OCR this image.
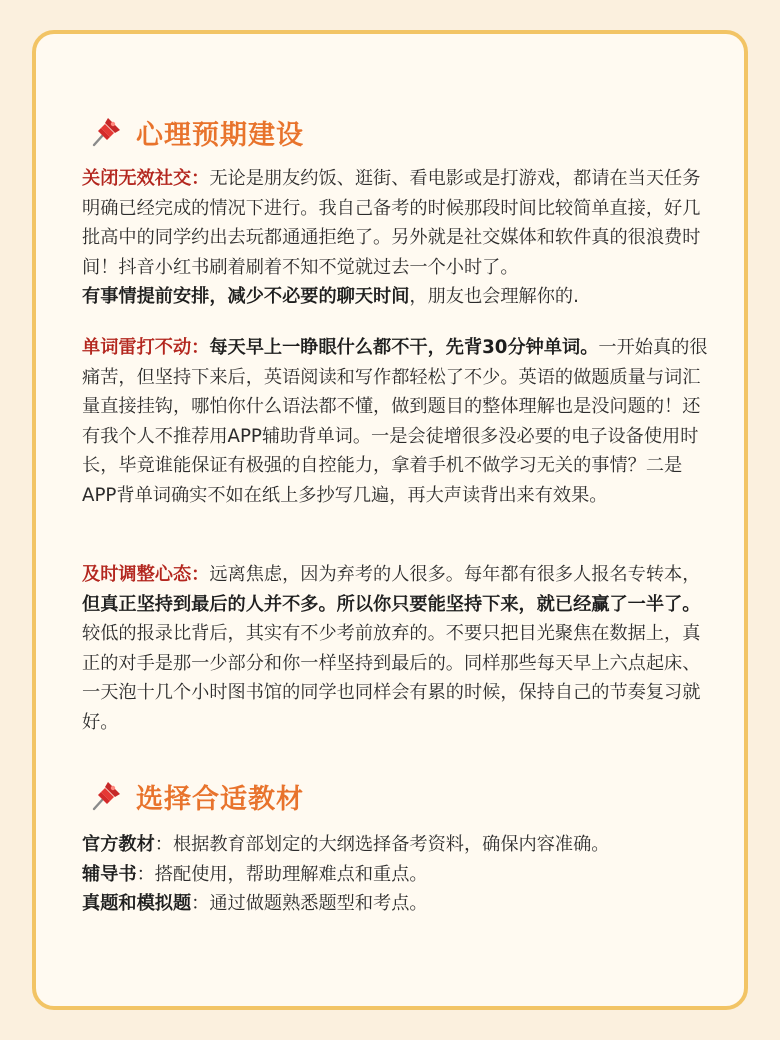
心理预期建设

关闭无效社交：无论是朋友约饭、逛街、看电影或是打游戏，都请在当天任务明确已经完成的情况下进行。我自己备考的时候那段时间比较简单直接，好几批高中的同学约出去玩都通通拒绝了。另外就是社交媒体和软件真的很浪费时间！抖音小红书刷着刷着不知不觉就过去一个小时了。
有事情提前安排，减少不必要的聊天时间，朋友也会理解你的.

单词雷打不动：每天早上一睁眼什么都不干，先背30分钟单词。一开始真的很痛苦，但坚持下来后，英语阅读和写作都轻松了不少。英语的做题质量与词汇量直接挂钩，哪怕你什么语法都不懂，做到题目的整体理解也是没问题的！还有我个人不推荐用APP辅助背单词。一是会徒增很多没必要的电子设备使用时长，毕竟谁能保证有极强的自控能力，拿着手机不做学习无关的事情？二是APP背单词确实不如在纸上多抄写几遍，再大声读背出来有效果。

及时调整心态：远离焦虑，因为弃考的人很多。每年都有很多人报名专转本，但真正坚持到最后的人并不多。所以你只要能坚持下来，就已经赢了一半了。较低的报录比背后，其实有不少考前放弃的。不要只把目光聚焦在数据上，真正的对手是那一少部分和你一样坚持到最后的。同样那些每天早上六点起床、一天泡十几个小时图书馆的同学也同样会有累的时候，保持自己的节奏复习就好。

选择合适教材
官方教材：根据教育部划定的大纲选择备考资料，确保内容准确。
辅导书：搭配使用，帮助理解难点和重点。
真题和模拟题：通过做题熟悉题型和考点。
